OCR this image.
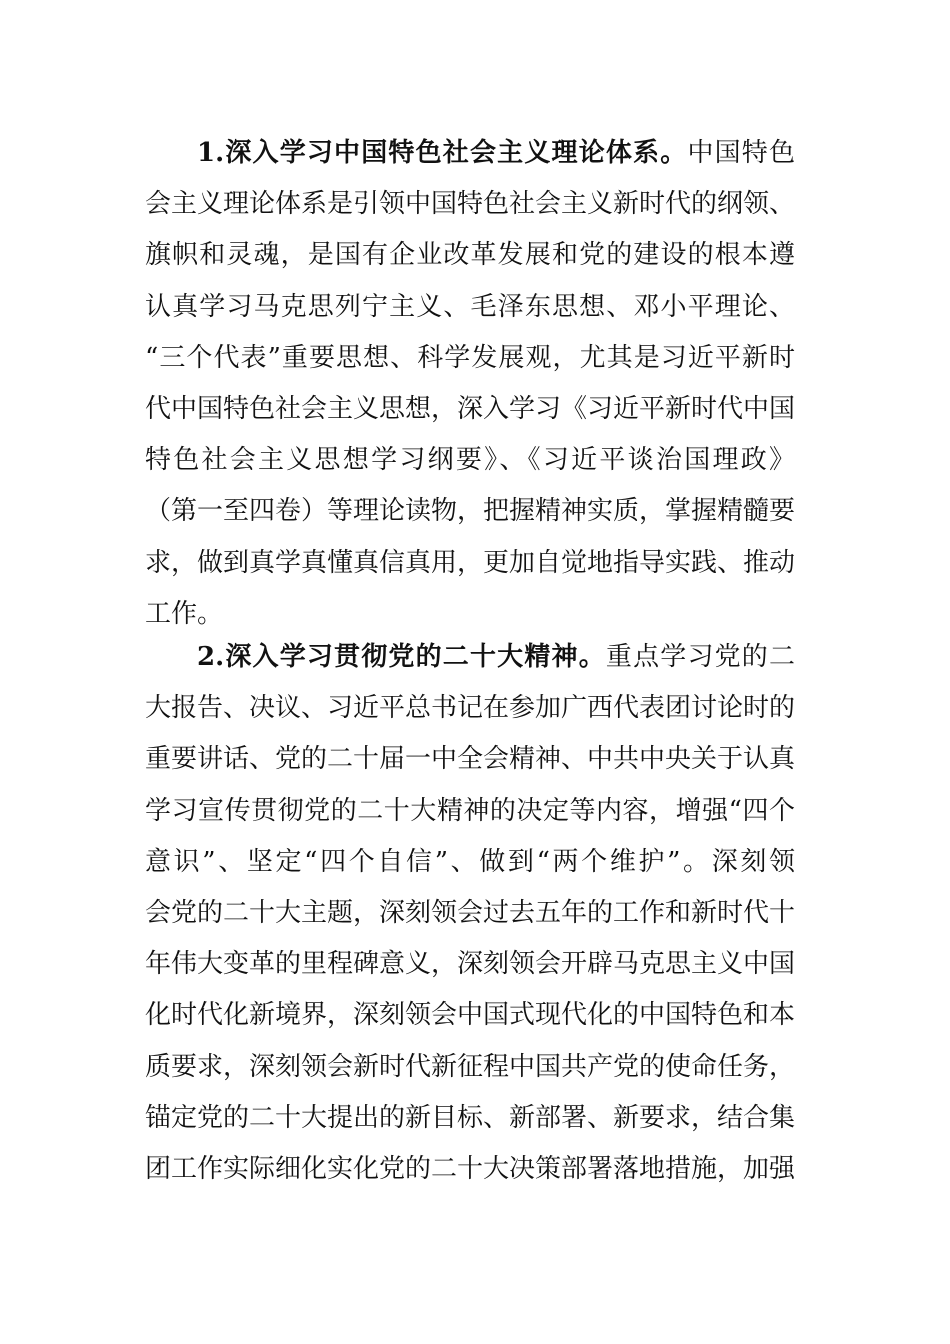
1.深入学习中国特色社会主义理论体系。中国特色
会主义理论体系是引领中国特色社会主义新时代的纲领、
旗帜和灵魂，是国有企业改革发展和党的建设的根本遵
认真学习马克思列宁主义、毛泽东思想、邓小平理论、
“三个代表”重要思想、科学发展观，尤其是习近平新时
代中国特色社会主义思想，深入学习《习近平新时代中国
特色社会主义思想学习纲要》、《习近平谈治国理政》
（第一至四卷）等理论读物，把握精神实质，掌握精髓要
求，做到真学真懂真信真用，更加自觉地指导实践、推动
工作。
2.深入学习贯彻党的二十大精神。重点学习党的二
大报告、决议、习近平总书记在参加广西代表团讨论时的
重要讲话、党的二十届一中全会精神、中共中央关于认真
学习宣传贯彻党的二十大精神的决定等内容，增强“四个
意识”、坚定“四个自信”、做到“两个维护”。深刻领
会党的二十大主题，深刻领会过去五年的工作和新时代十
年伟大变革的里程碑意义，深刻领会开辟马克思主义中国
化时代化新境界，深刻领会中国式现代化的中国特色和本
质要求，深刻领会新时代新征程中国共产党的使命任务，
锚定党的二十大提出的新目标、新部署、新要求，结合集
团工作实际细化实化党的二十大决策部署落地措施，加强
